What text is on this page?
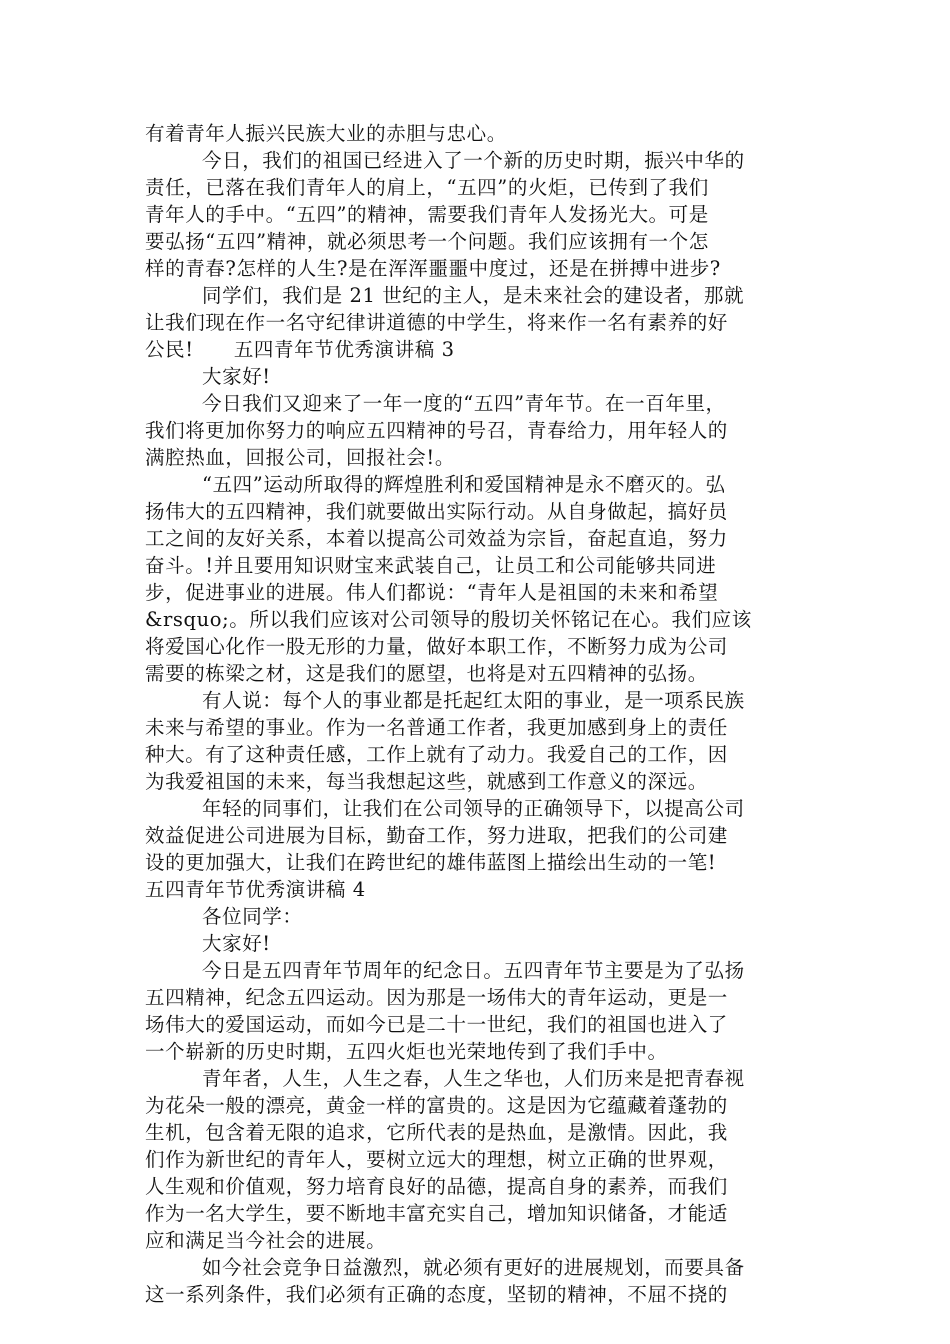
有着青年人振兴民族大业的赤胆与忠心。
今日，我们的祖国已经进入了一个新的历史时期，振兴中华的
责任，已落在我们青年人的肩上，“五四”的火炬，已传到了我们
青年人的手中。“五四”的精神，需要我们青年人发扬光大。可是
要弘扬“五四”精神，就必须思考一个问题。我们应该拥有一个怎
样的青春?怎样的人生?是在浑浑噩噩中度过，还是在拼搏中进步?
同学们，我们是 21 世纪的主人，是未来社会的建设者，那就
让我们现在作一名守纪律讲道德的中学生，将来作一名有素养的好
公民!　　五四青年节优秀演讲稿 3
大家好!
今日我们又迎来了一年一度的“五四”青年节。在一百年里，
我们将更加你努力的响应五四精神的号召，青春给力，用年轻人的
满腔热血，回报公司，回报社会!。
“五四”运动所取得的辉煌胜利和爱国精神是永不磨灭的。弘
扬伟大的五四精神，我们就要做出实际行动。从自身做起，搞好员
工之间的友好关系，本着以提高公司效益为宗旨，奋起直追，努力
奋斗。!并且要用知识财宝来武装自己，让员工和公司能够共同进
步，促进事业的进展。伟人们都说：“青年人是祖国的未来和希望
&rsquo;。所以我们应该对公司领导的殷切关怀铭记在心。我们应该
将爱国心化作一股无形的力量，做好本职工作，不断努力成为公司
需要的栋梁之材，这是我们的愿望，也将是对五四精神的弘扬。
有人说：每个人的事业都是托起红太阳的事业，是一项系民族
未来与希望的事业。作为一名普通工作者，我更加感到身上的责任
种大。有了这种责任感，工作上就有了动力。我爱自己的工作，因
为我爱祖国的未来，每当我想起这些，就感到工作意义的深远。
年轻的同事们，让我们在公司领导的正确领导下，以提高公司
效益促进公司进展为目标，勤奋工作，努力进取，把我们的公司建
设的更加强大，让我们在跨世纪的雄伟蓝图上描绘出生动的一笔!
五四青年节优秀演讲稿 4
各位同学：
大家好!
今日是五四青年节周年的纪念日。五四青年节主要是为了弘扬
五四精神，纪念五四运动。因为那是一场伟大的青年运动，更是一
场伟大的爱国运动，而如今已是二十一世纪，我们的祖国也进入了
一个崭新的历史时期，五四火炬也光荣地传到了我们手中。
青年者，人生，人生之春，人生之华也，人们历来是把青春视
为花朵一般的漂亮，黄金一样的富贵的。这是因为它蕴藏着蓬勃的
生机，包含着无限的追求，它所代表的是热血，是激情。因此，我
们作为新世纪的青年人，要树立远大的理想，树立正确的世界观，
人生观和价值观，努力培育良好的品德，提高自身的素养，而我们
作为一名大学生，要不断地丰富充实自己，增加知识储备，才能适
应和满足当今社会的进展。
如今社会竞争日益激烈，就必须有更好的进展规划，而要具备
这一系列条件，我们必须有正确的态度，坚韧的精神，不屈不挠的
